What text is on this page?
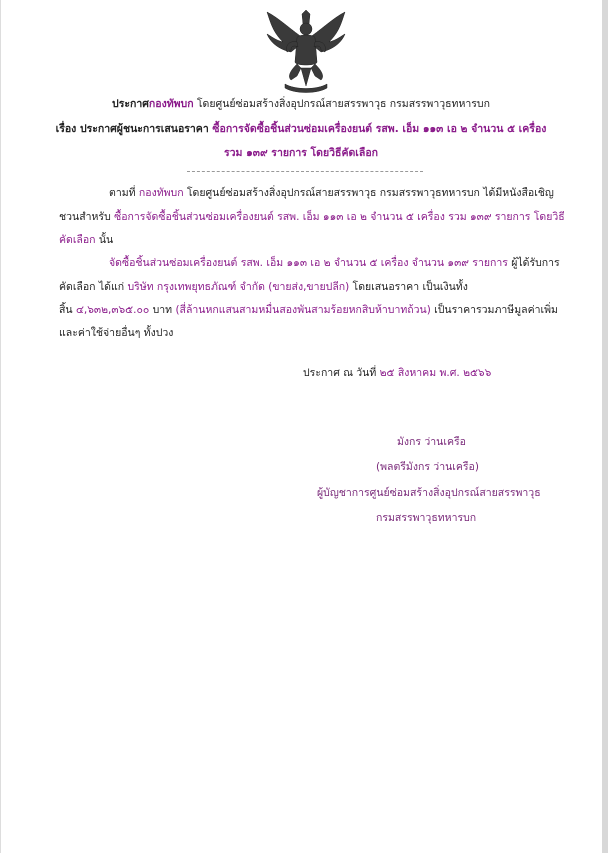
ประกาศกองทัพบก โดยศูนย์ซ่อมสร้างสิ่งอุปกรณ์สายสรรพาวุธ กรมสรรพาวุธทหารบก
เรื่อง ประกาศผู้ชนะการเสนอราคา ซื้อการจัดซื้อชิ้นส่วนซ่อมเครื่องยนต์ รสพ. เอ็ม ๑๑๓ เอ ๒ จำนวน ๕ เครื่อง
รวม ๑๓๙ รายการ โดยวิธีคัดเลือก
ตามที่ กองทัพบก โดยศูนย์ซ่อมสร้างสิ่งอุปกรณ์สายสรรพาวุธ กรมสรรพาวุธทหารบก ได้มีหนังสือเชิญ
ชวนสำหรับ ซื้อการจัดซื้อชิ้นส่วนซ่อมเครื่องยนต์ รสพ. เอ็ม ๑๑๓ เอ ๒ จำนวน ๕ เครื่อง รวม ๑๓๙ รายการ โดยวิธี
คัดเลือก นั้น
จัดซื้อชิ้นส่วนซ่อมเครื่องยนต์ รสพ. เอ็ม ๑๑๓ เอ ๒ จำนวน ๕ เครื่อง จำนวน ๑๓๙ รายการ ผู้ได้รับการ
คัดเลือก ได้แก่ บริษัท กรุงเทพยุทธภัณฑ์ จำกัด (ขายส่ง,ขายปลีก) โดยเสนอราคา เป็นเงินทั้ง
สิ้น ๔,๖๓๒,๓๖๕.๐๐ บาท (สี่ล้านหกแสนสามหมื่นสองพันสามร้อยหกสิบห้าบาทถ้วน) เป็นราคารวมภาษีมูลค่าเพิ่ม
และค่าใช้จ่ายอื่นๆ ทั้งปวง
ประกาศ ณ วันที่ ๒๕ สิงหาคม พ.ศ. ๒๕๖๖
มังกร ว่านเครือ
(พลตรีมังกร ว่านเครือ)
ผู้บัญชาการศูนย์ซ่อมสร้างสิ่งอุปกรณ์สายสรรพาวุธ
กรมสรรพาวุธทหารบก
